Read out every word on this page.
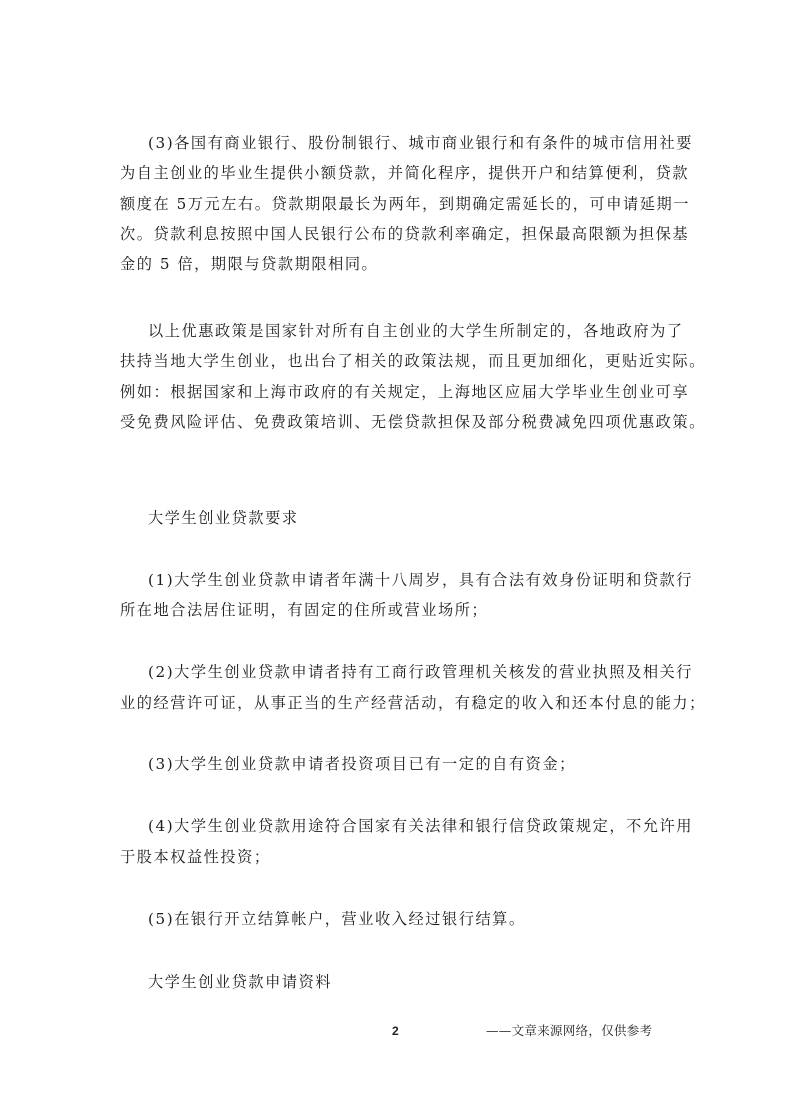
(3)各国有商业银行、股份制银行、城市商业银行和有条件的城市信用社要
为自主创业的毕业生提供小额贷款，并简化程序，提供开户和结算便利，贷款
额度在 5万元左右。贷款期限最长为两年，到期确定需延长的，可申请延期一
次。贷款利息按照中国人民银行公布的贷款利率确定，担保最高限额为担保基
金的 5 倍，期限与贷款期限相同。
以上优惠政策是国家针对所有自主创业的大学生所制定的，各地政府为了
扶持当地大学生创业，也出台了相关的政策法规，而且更加细化，更贴近实际。
例如：根据国家和上海市政府的有关规定，上海地区应届大学毕业生创业可享
受免费风险评估、免费政策培训、无偿贷款担保及部分税费减免四项优惠政策。
大学生创业贷款要求
(1)大学生创业贷款申请者年满十八周岁，具有合法有效身份证明和贷款行
所在地合法居住证明，有固定的住所或营业场所；
(2)大学生创业贷款申请者持有工商行政管理机关核发的营业执照及相关行
业的经营许可证，从事正当的生产经营活动，有稳定的收入和还本付息的能力；
(3)大学生创业贷款申请者投资项目已有一定的自有资金；
(4)大学生创业贷款用途符合国家有关法律和银行信贷政策规定，不允许用
于股本权益性投资；
(5)在银行开立结算帐户，营业收入经过银行结算。
大学生创业贷款申请资料
2	——文章来源网络，仅供参考
